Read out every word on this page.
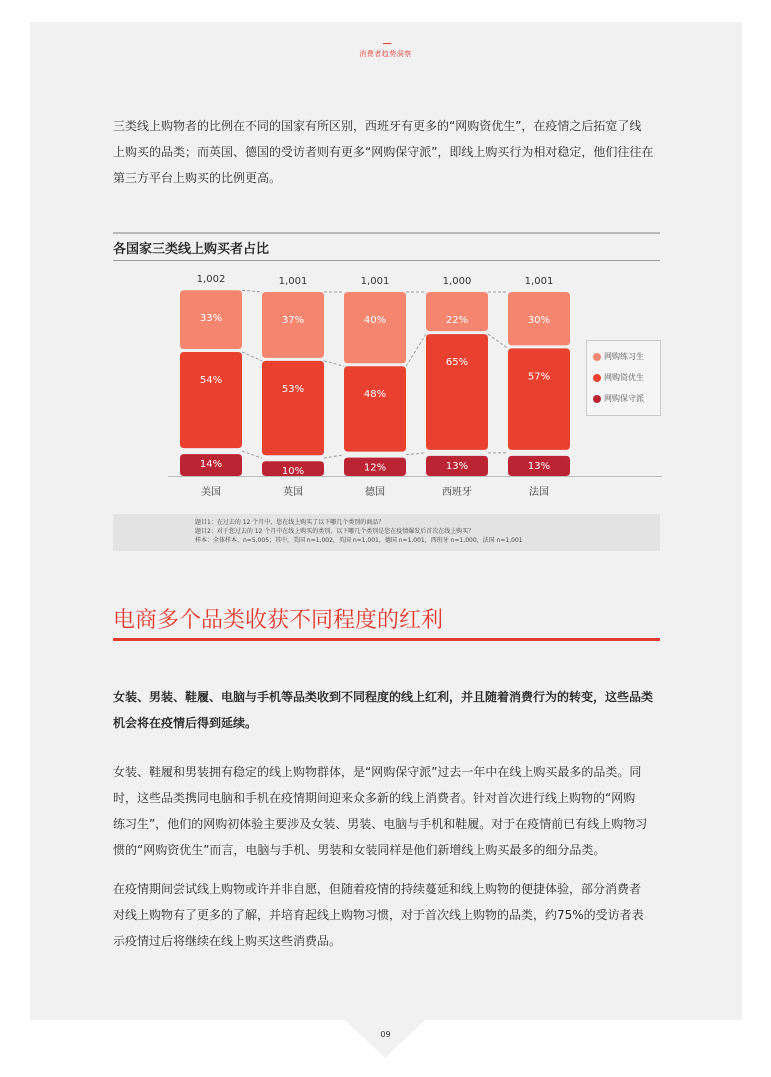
消费者趋势洞察

三类线上购物者的比例在不同的国家有所区别，西班牙有更多的“网购资优生”，在疫情之后拓宽了线

上购买的品类；而英国、德国的受访者则有更多“网购保守派”，即线上购买行为相对稳定，他们往往在

第三方平台上购买的比例更高。

各国家三类线上购买者占比
14%
54%
33%
1,002
美国
10%
53%
37%
1,001
英国
12%
48%
40%
1,001
德国
13%
65%
22%
1,000
西班牙
13%
57%
30%
1,001
法国
网购练习生
网购资优生
网购保守派
题目1：在过去的 12 个月中，您在线上购买了以下哪几个类别的商品？
题目2：对于您过去的 12 个月中在线上购买的类别，以下哪几个类别是您在疫情爆发后首次在线上购买？
样本：全体样本，n=5,005；其中，美国 n=1,002，英国 n=1,001，德国 n=1,001，西班牙 n=1,000，法国 n=1,001
电商多个品类收获不同程度的红利

女装、男装、鞋履、电脑与手机等品类收到不同程度的线上红利，并且随着消费行为的转变，这些品类

机会将在疫情后得到延续。

女装、鞋履和男装拥有稳定的线上购物群体，是“网购保守派”过去一年中在线上购买最多的品类。同

时，这些品类携同电脑和手机在疫情期间迎来众多新的线上消费者。针对首次进行线上购物的“网购

练习生”，他们的网购初体验主要涉及女装、男装、电脑与手机和鞋履。对于在疫情前已有线上购物习

惯的“网购资优生”而言，电脑与手机、男装和女装同样是他们新增线上购买最多的细分品类。

在疫情期间尝试线上购物或许并非自愿，但随着疫情的持续蔓延和线上购物的便捷体验，部分消费者

对线上购物有了更多的了解，并培育起线上购物习惯，对于首次线上购物的品类，约75%的受访者表

示疫情过后将继续在线上购买这些消费品。

09
